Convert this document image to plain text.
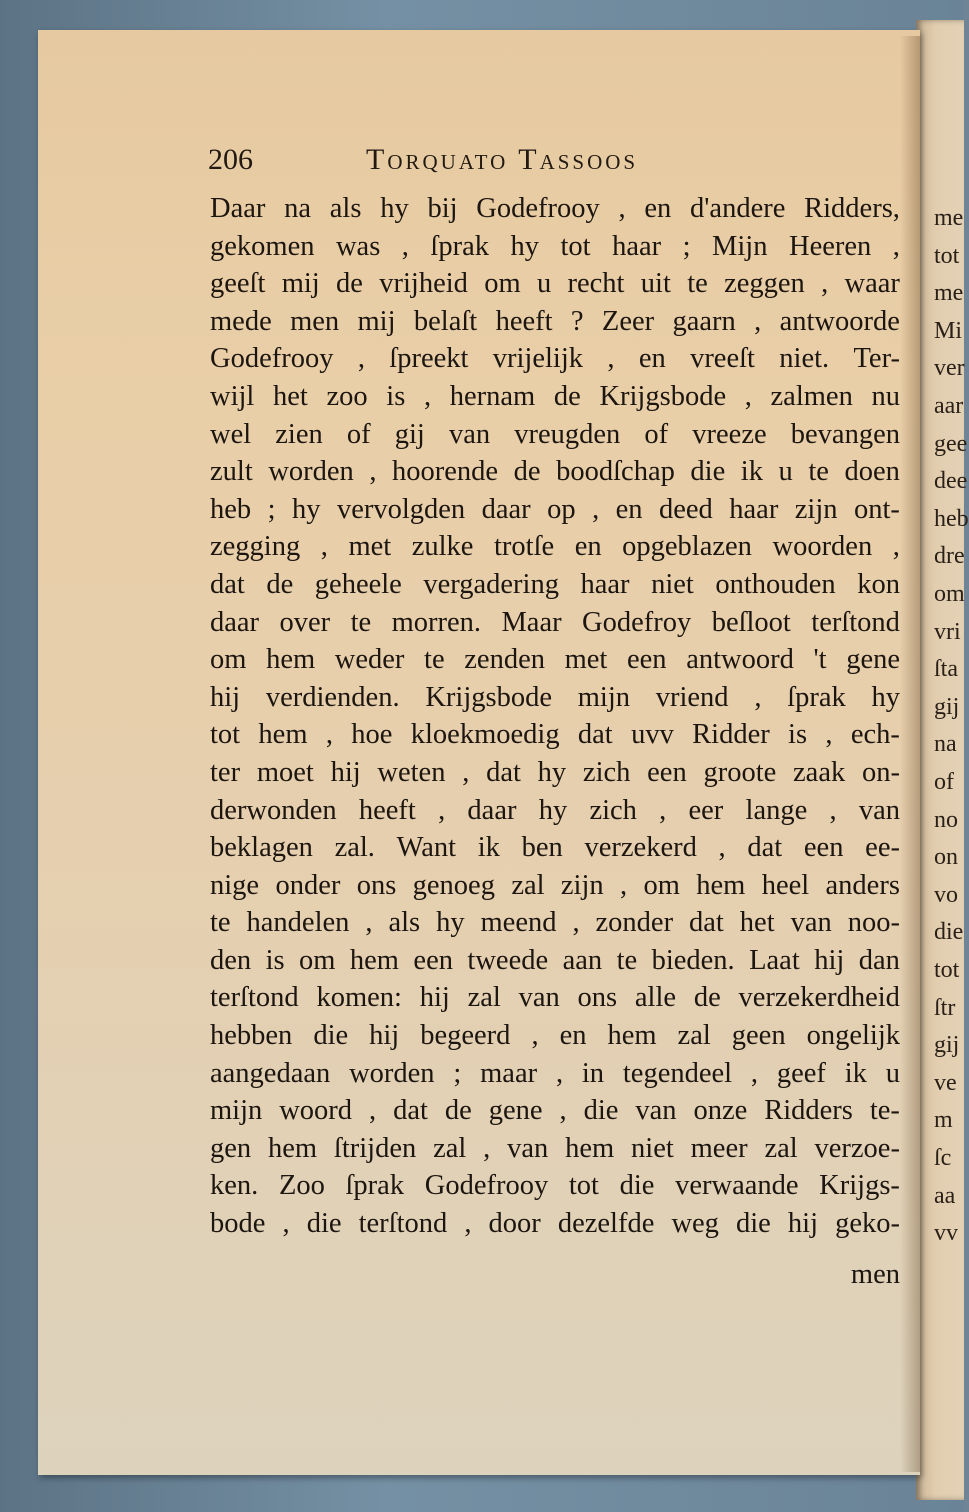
me
tot
me
Mi
ver
aar
gee
dee
heb
dre
om
vri
ſta
gij
na
of
no
on
vo
die
tot
ſtr
gij
ve
m
ſc
aa
vv
206	Torquato Tassoos
Daar na als hy bij Godefrooy , en d'andere Ridders,
gekomen was , ſprak hy tot haar ; Mijn Heeren ,
geeſt mij de vrijheid om u recht uit te zeggen , waar
mede men mij belaſt heeft ? Zeer gaarn , antwoorde
Godefrooy , ſpreekt vrijelijk , en vreeſt niet. Ter-
wijl het zoo is , hernam de Krijgsbode , zalmen nu
wel zien of gij van vreugden of vreeze bevangen
zult worden , hoorende de boodſchap die ik u te doen
heb ; hy vervolgden daar op , en deed haar zijn ont-
zegging , met zulke trotſe en opgeblazen woorden ,
dat de geheele vergadering haar niet onthouden kon
daar over te morren. Maar Godefroy beſloot terſtond
om hem weder te zenden met een antwoord 't gene
hij verdienden. Krijgsbode mijn vriend , ſprak hy
tot hem , hoe kloekmoedig dat uvv Ridder is , ech-
ter moet hij weten , dat hy zich een groote zaak on-
derwonden heeft , daar hy zich , eer lange , van
beklagen zal. Want ik ben verzekerd , dat een ee-
nige onder ons genoeg zal zijn , om hem heel anders
te handelen , als hy meend , zonder dat het van noo-
den is om hem een tweede aan te bieden. Laat hij dan
terſtond komen: hij zal van ons alle de verzekerdheid
hebben die hij begeerd , en hem zal geen ongelijk
aangedaan worden ; maar , in tegendeel , geef ik u
mijn woord , dat de gene , die van onze Ridders te-
gen hem ſtrijden zal , van hem niet meer zal verzoe-
ken. Zoo ſprak Godefrooy tot die verwaande Krijgs-
bode , die terſtond , door dezelfde weg die hij geko-
men
